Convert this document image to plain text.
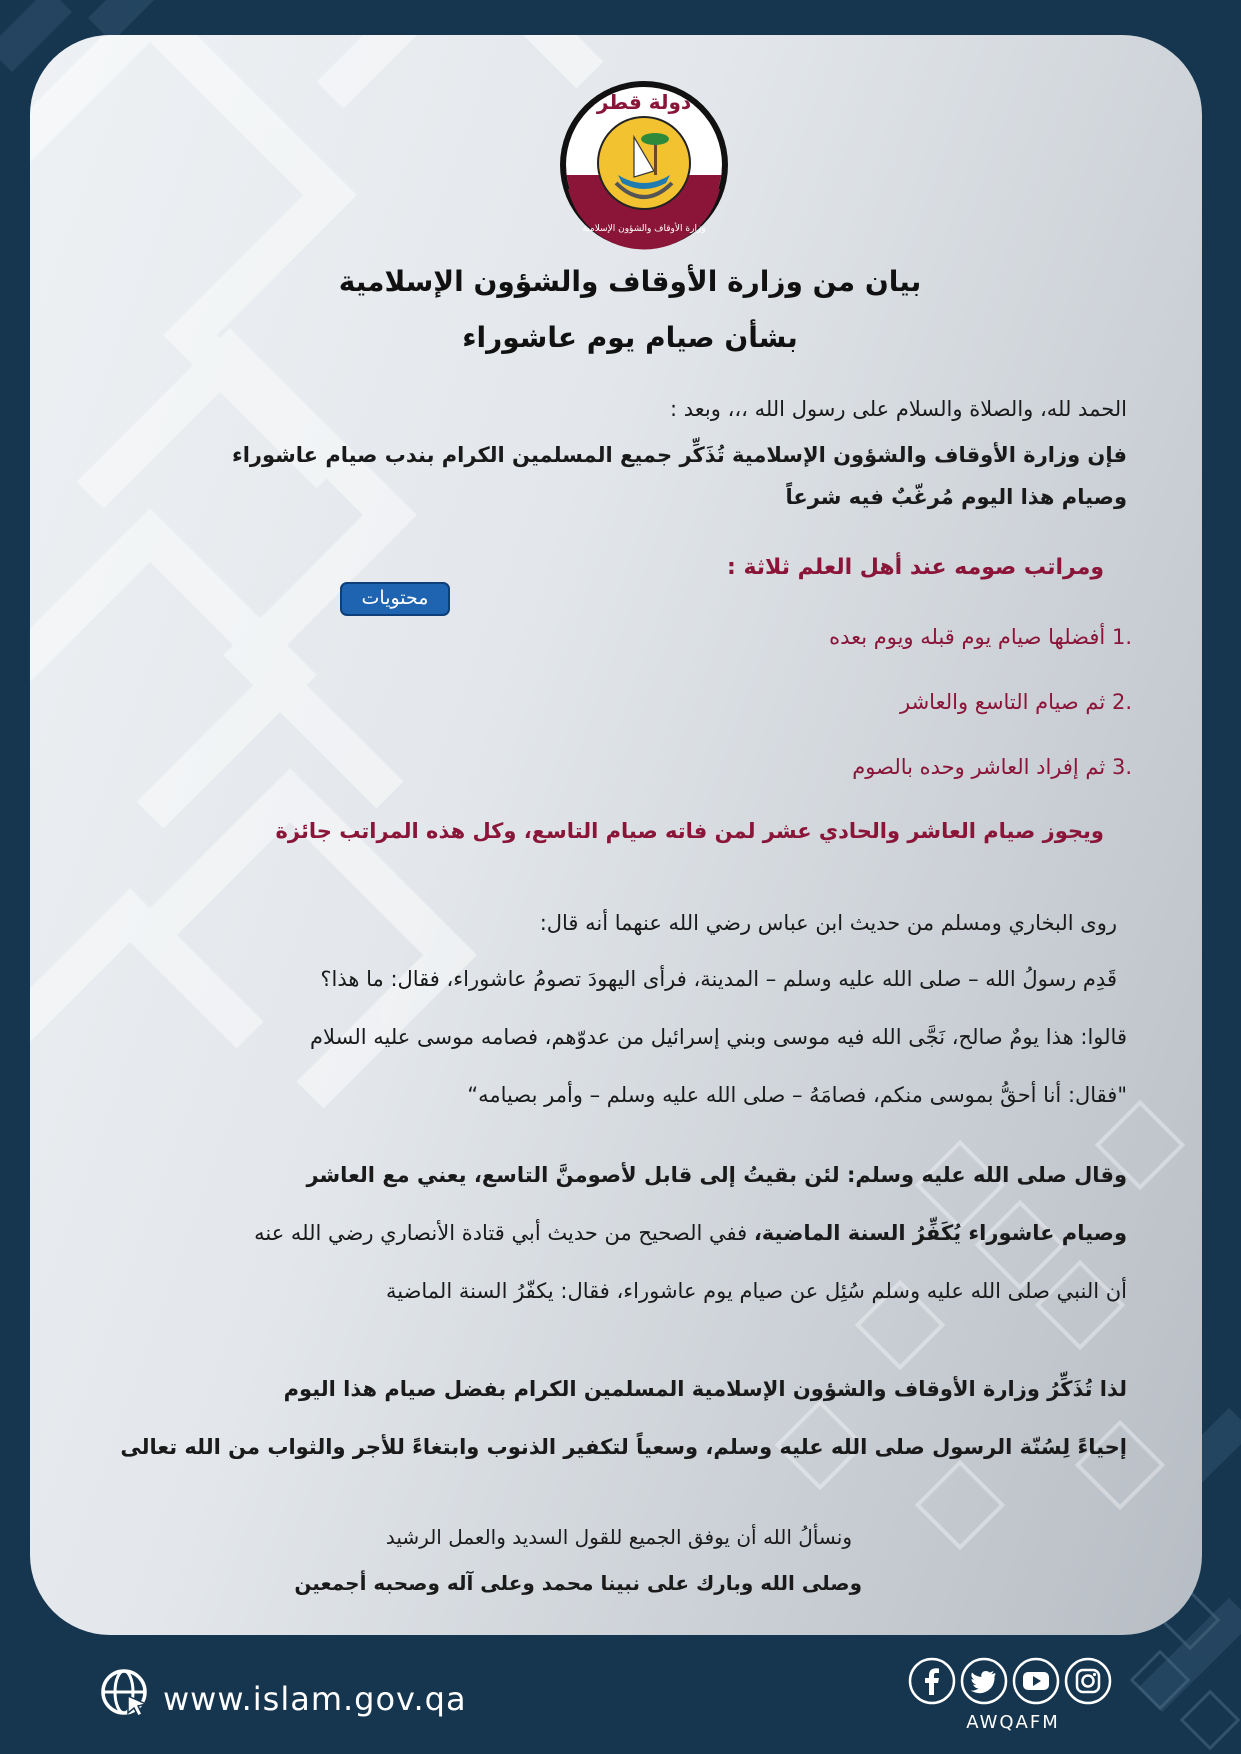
دولة قطر
وزارة الأوقاف والشؤون الإسلامية
بيان من وزارة الأوقاف والشؤون الإسلامية
بشأن صيام يوم عاشوراء
الحمد لله، والصلاة والسلام على رسول الله ،،، وبعد :
فإن وزارة الأوقاف والشؤون الإسلامية تُذَكِّر جميع المسلمين الكرام بندب صيام عاشوراء
وصيام هذا اليوم مُرغّبٌ فيه شرعاً
ومراتب صومه عند أهل العلم ثلاثة :
.1 أفضلها صيام يوم قبله ويوم بعده
.2 ثم صيام التاسع والعاشر
.3 ثم إفراد العاشر وحده بالصوم
ويجوز صيام العاشر والحادي عشر لمن فاته صيام التاسع، وكل هذه المراتب جائزة
روى البخاري ومسلم من حديث ابن عباس رضي الله عنهما أنه قال:
قَدِم رسولُ الله – صلى الله عليه وسلم – المدينة، فرأى اليهودَ تصومُ عاشوراء، فقال: ما هذا؟
قالوا: هذا يومٌ صالح، نَجَّى الله فيه موسى وبني إسرائيل من عدوّهم، فصامه موسى عليه السلام
"فقال: أنا أحقُّ بموسى منكم، فصامَهُ – صلى الله عليه وسلم – وأمر بصيامه“
وقال صلى الله عليه وسلم: لئن بقيتُ إلى قابل لأصومنَّ التاسع، يعني مع العاشر
وصيام عاشوراء يُكَفِّرُ السنة الماضية، ففي الصحيح من حديث أبي قتادة الأنصاري رضي الله عنه
أن النبي صلى الله عليه وسلم سُئِل عن صيام يوم عاشوراء، فقال: يكفّرُ السنة الماضية
لذا تُذَكِّرُ وزارة الأوقاف والشؤون الإسلامية المسلمين الكرام بفضل صيام هذا اليوم
إحياءً لِسُنّة الرسول صلى الله عليه وسلم، وسعياً لتكفير الذنوب وابتغاءً للأجر والثواب من الله تعالى
ونسألُ الله أن يوفق الجميع للقول السديد والعمل الرشيد
وصلى الله وبارك على نبينا محمد وعلى آله وصحبه أجمعين
محتويات
www.islam.gov.qa
AWQAFM
